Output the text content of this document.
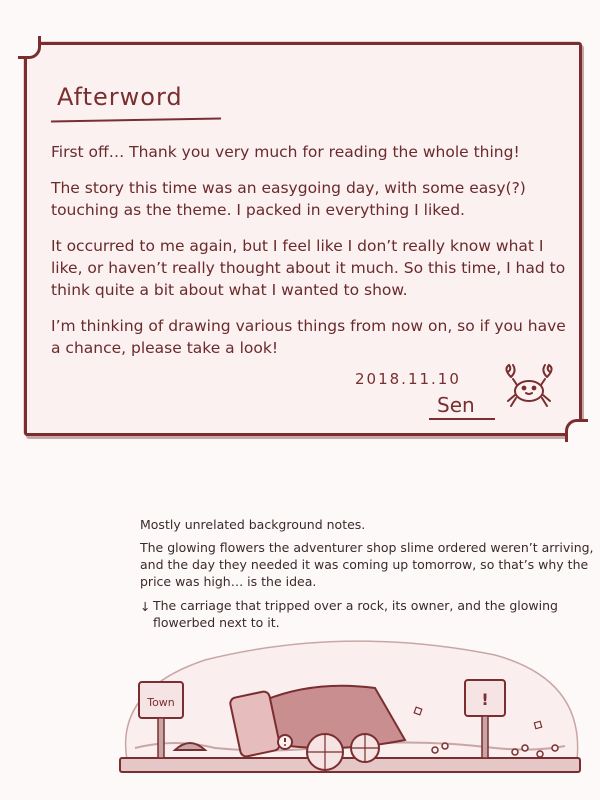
Afterword
First off… Thank you very much for reading the whole thing!
The story this time was an easygoing day, with some easy(?) touching as the theme. I packed in everything I liked.
It occurred to me again, but I feel like I don’t really know what I like, or haven’t really thought about it much. So this time, I had to think quite a bit about what I wanted to show.
I’m thinking of drawing various things from now on, so if you have a chance, please take a look!
2018.11.10
Sen
Mostly unrelated background notes.
The glowing flowers the adventurer shop slime ordered weren’t arriving, and the day they needed it was coming up tomorrow, so that’s why the price was high… is the idea.
↓ The carriage that tripped over a rock, its owner, and the glowing flowerbed next to it.
Town	!
